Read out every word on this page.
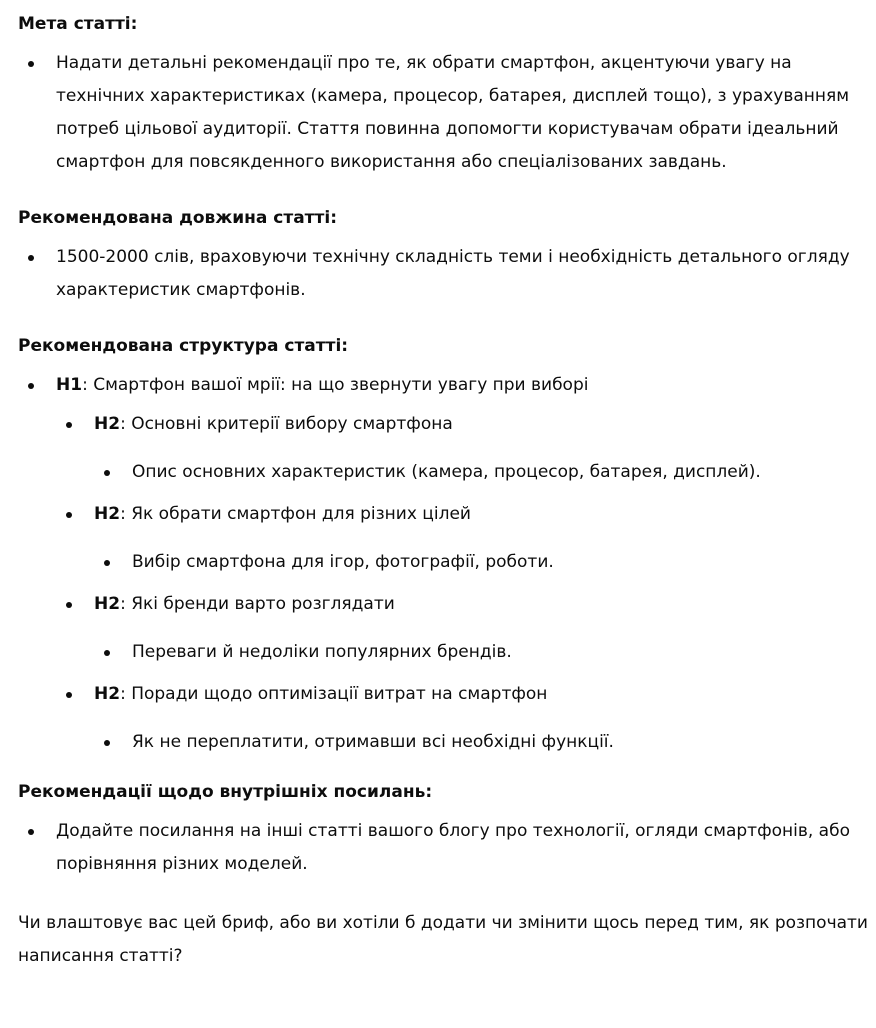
Мета статті:

Надати детальні рекомендації про те, як обрати смартфон, акцентуючи увагу на технічних характеристиках (камера, процесор, батарея, дисплей тощо), з урахуванням потреб цільової аудиторії. Стаття повинна допомогти користувачам обрати ідеальний смартфон для повсякденного використання або спеціалізованих завдань.

Рекомендована довжина статті:

1500-2000 слів, враховуючи технічну складність теми і необхідність детального огляду характеристик смартфонів.

Рекомендована структура статті:

H1: Смартфон вашої мрії: на що звернути увагу при виборі
H2: Основні критерії вибору смартфона
Опис основних характеристик (камера, процесор, батарея, дисплей).
H2: Як обрати смартфон для різних цілей
Вибір смартфона для ігор, фотографії, роботи.
H2: Які бренди варто розглядати
Переваги й недоліки популярних брендів.
H2: Поради щодо оптимізації витрат на смартфон
Як не переплатити, отримавши всі необхідні функції.

Рекомендації щодо внутрішніх посилань:

Додайте посилання на інші статті вашого блогу про технології, огляди смартфонів, або порівняння різних моделей.

Чи влаштовує вас цей бриф, або ви хотіли б додати чи змінити щось перед тим, як розпочати написання статті?
